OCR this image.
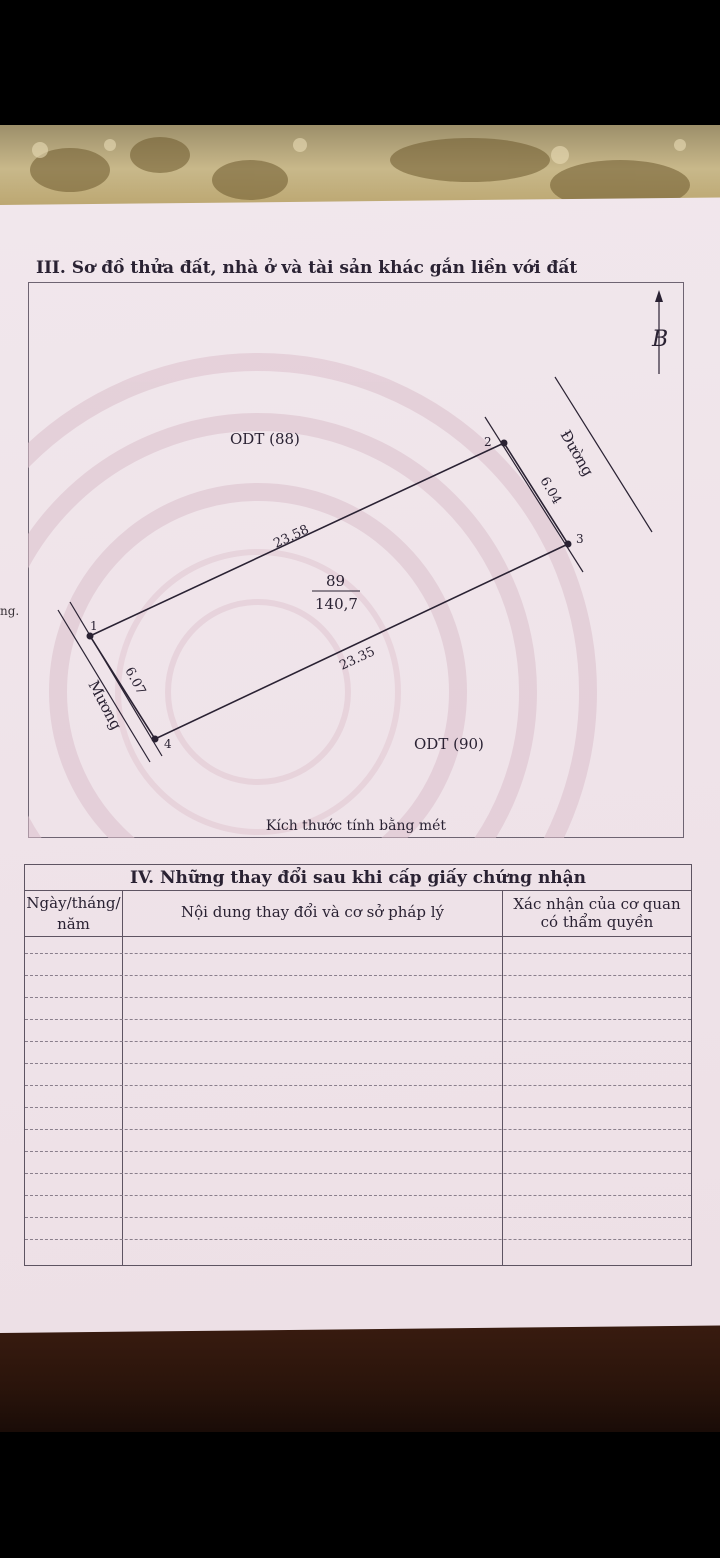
ng.
III. Sơ đồ thửa đất, nhà ở và tài sản khác gắn liền với đất
B
Đường
Mương
1
2
3
4
23.58
23.35
6.04
6.07
89
140,7
ODT (88)
ODT (90)
Kích thước tính bằng mét
IV. Những thay đổi sau khi cấp giấy chứng nhận
Ngày/tháng/
năm
Nội dung thay đổi và cơ sở pháp lý	Xác nhận của cơ quan
có thẩm quyền
